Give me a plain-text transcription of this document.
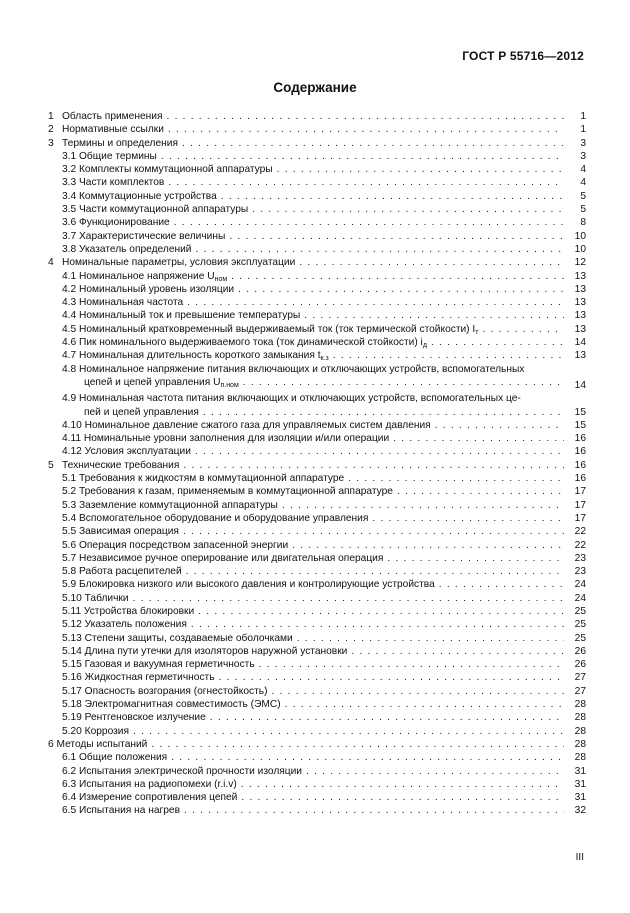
ГОСТ Р 55716—2012
Содержание
1 Область применения . . .	1
2 Нормативные ссылки . . .	1
3 Термины и определения . . .	3
3.1 Общие термины . . .	3
3.2 Комплекты коммутационной аппаратуры . . .	4
3.3 Части комплектов . . .	4
3.4 Коммутационные устройства . . .	5
3.5 Части коммутационной аппаратуры . . .	5
3.6 Функционирование . . .	8
3.7 Характеристические величины . . .	10
3.8 Указатель определений . . .	10
4 Номинальные параметры, условия эксплуатации . . .	12
4.1 Номинальное напряжение $U_{ном}$ . . .	13
4.2 Номинальный уровень изоляции . . .	13
4.3 Номинальная частота . . .	13
4.4 Номинальный ток и превышение температуры . . .	13
4.5 Номинальный кратковременный выдерживаемый ток (ток термической стойкости) $I_т$ . . .	13
4.6 Пик номинального выдерживаемого тока (ток динамической стойкости) $i_д$ . . .	14
4.7 Номинальная длительность короткого замыкания $t_{к.з}$ . . .	13
4.8 Номинальное напряжение питания включающих и отключающих устройств, вспомогательных
цепей и цепей управления $U_{п.ном}$ . . .	14
4.9 Номинальная частота питания включающих и отключающих устройств, вспомогательных це-
пей и цепей управления . . .	15
4.10 Номинальное давление сжатого газа для управляемых систем давления . . .	15
4.11 Номинальные уровни заполнения для изоляции и/или операции . . .	16
4.12 Условия эксплуатации . . .	16
5 Технические требования . . .	16
5.1 Требования к жидкостям в коммутационной аппаратуре . . .	16
5.2 Требования к газам, применяемым в коммутационной аппаратуре . . .	17
5.3 Заземление коммутационной аппаратуры . . .	17
5.4 Вспомогательное оборудование и оборудование управления . . .	17
5.5 Зависимая операция . . .	22
5.6 Операция посредством запасенной энергии . . .	22
5.7 Независимое ручное оперирование или двигательная операция . . .	23
5.8 Работа расцепителей . . .	23
5.9 Блокировка низкого или высокого давления и контролирующие устройства . . .	24
5.10 Таблички . . .	24
5.11 Устройства блокировки . . .	25
5.12 Указатель положения . . .	25
5.13 Степени защиты, создаваемые оболочками . . .	25
5.14 Длина пути утечки для изоляторов наружной установки . . .	26
5.15 Газовая и вакуумная герметичность . . .	26
5.16 Жидкостная герметичность . . .	27
5.17 Опасность возгорания (огнестойкость) . . .	27
5.18 Электромагнитная совместимость (ЭМС) . . .	28
5.19 Рентгеновское излучение . . .	28
5.20 Коррозия . . .	28
6 Методы испытаний . . .	28
6.1 Общие положения . . .	28
6.2 Испытания электрической прочности изоляции . . .	31
6.3 Испытания на радиопомехи (r.i.v) . . .	31
6.4 Измерение сопротивления цепей . . .	31
6.5 Испытания на нагрев . . .	32
III
